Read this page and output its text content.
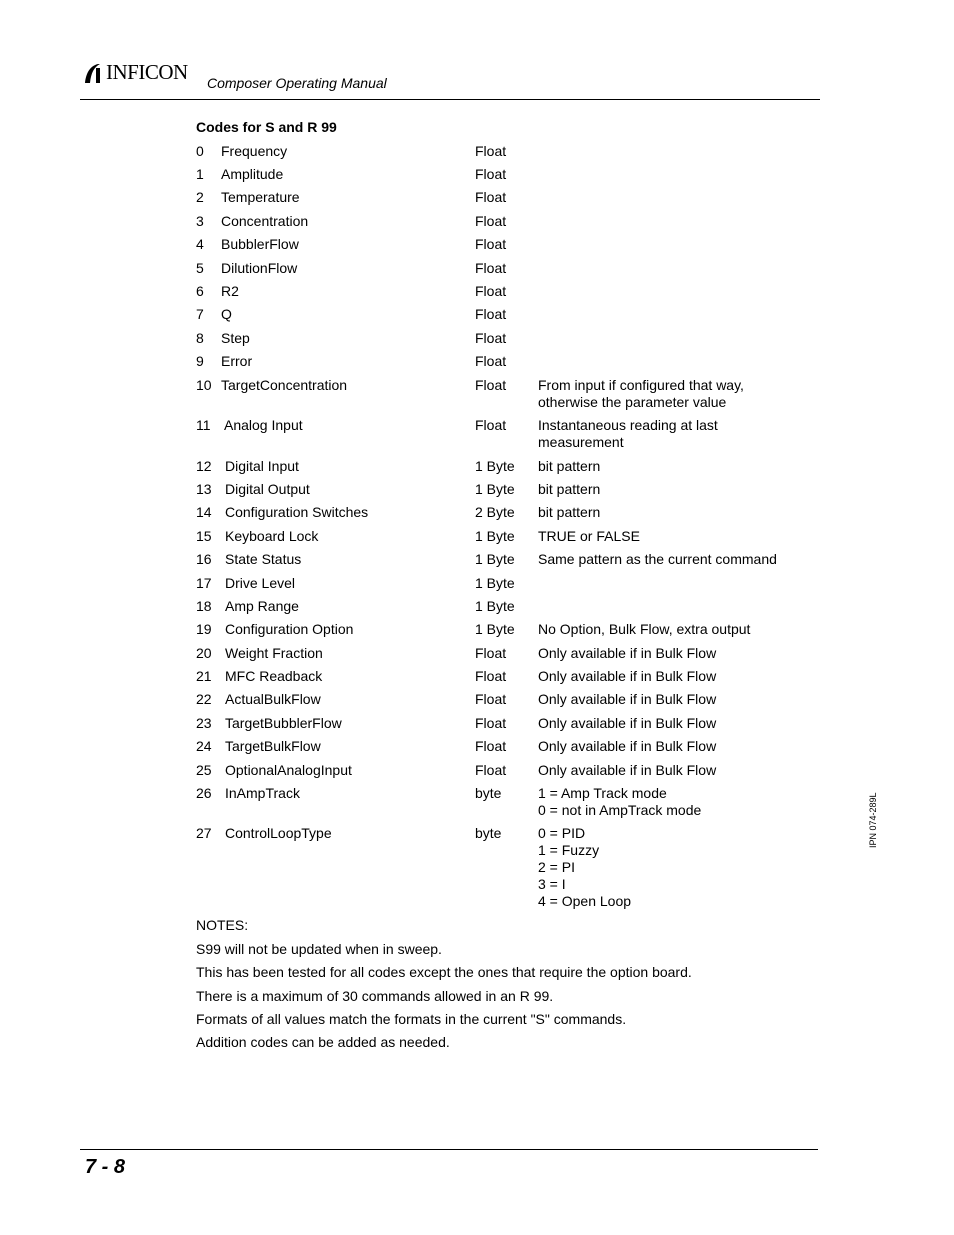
INFICON Composer Operating Manual
Codes for S and R 99
0 Frequency	Float
1 Amplitude	Float
2 Temperature	Float
3 Concentration	Float
4 BubblerFlow	Float
5 DilutionFlow	Float
6 R2	Float
7 Q	Float
8 Step	Float
9 Error	Float
10 TargetConcentration	Float From input if configured that way,
otherwise the parameter value
11 Analog Input	Float Instantaneous reading at last
measurement
12 Digital Input	1 Byte bit pattern
13 Digital Output	1 Byte bit pattern
14 Configuration Switches	2 Byte bit pattern
15 Keyboard Lock	1 Byte TRUE or FALSE
16 State Status	1 Byte Same pattern as the current command
17 Drive Level	1 Byte
18 Amp Range	1 Byte
19 Configuration Option	1 Byte No Option, Bulk Flow, extra output
20 Weight Fraction	Float Only available if in Bulk Flow
21 MFC Readback	Float Only available if in Bulk Flow
22 ActualBulkFlow	Float Only available if in Bulk Flow
23 TargetBubblerFlow	Float Only available if in Bulk Flow
24 TargetBulkFlow	Float Only available if in Bulk Flow
25 OptionalAnalogInput	Float Only available if in Bulk Flow
26 InAmpTrack	byte	1 = Amp Track mode
0 = not in AmpTrack mode
27 ControlLoopType	byte	0 = PID
1 = Fuzzy
2 = PI
3 = I
4 = Open Loop
NOTES:
S99 will not be updated when in sweep.
This has been tested for all codes except the ones that require the option board.
There is a maximum of 30 commands allowed in an R 99.
Formats of all values match the formats in the current "S" commands.
Addition codes can be added as needed.
IPN 074-289L
7 - 8
